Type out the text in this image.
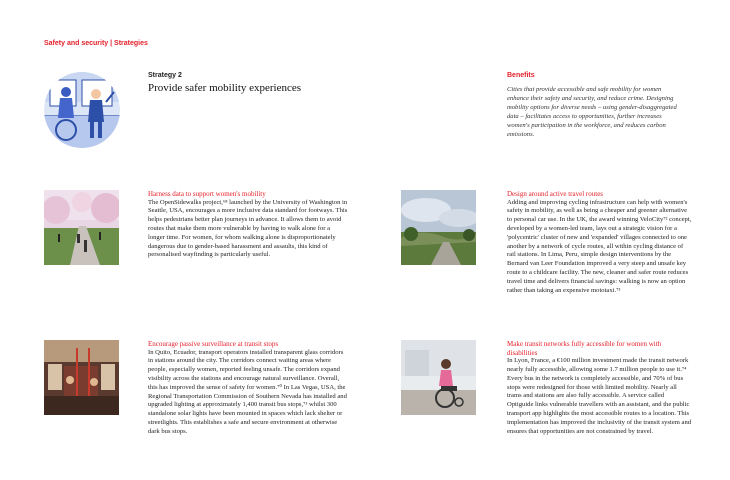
Safety and security | Strategies
Strategy 2
Provide safer mobility experiences
Benefits
Cities that provide accessible and safe mobility for women enhance their safety and security, and reduce crime. Designing mobility options for diverse needs – using gender-disaggregated data – facilitates access to opportunities, further increases women's participation in the workforce, and reduces carbon emissions.
Harness data to support women's mobility
The OpenSidewalks project,⁶⁸ launched by the University of Washington in Seattle, USA, encourages a more inclusive data standard for footways. This helps pedestrians better plan journeys in advance. It allows them to avoid routes that make them more vulnerable by having to walk alone for a longer time. For women, for whom walking alone is disproportionately dangerous due to gender-based harassment and assaults, this kind of personalised wayfinding is particularly useful.
Design around active travel routes
Adding and improving cycling infrastructure can help with women's safety in mobility, as well as being a cheaper and greener alternative to personal car use. In the UK, the award winning VeloCity⁷² concept, developed by a women-led team, lays out a strategic vision for a 'polycentric' cluster of new and 'expanded' villages connected to one another by a network of cycle routes, all within cycling distance of rail stations. In Lima, Peru, simple design interventions by the Bernard van Leer Foundation improved a very steep and unsafe key route to a childcare facility. The new, cleaner and safer route reduces travel time and delivers financial savings: walking is now an option rather than taking an expensive mototaxi.⁷³
Encourage passive surveillance at transit stops
In Quito, Ecuador, transport operators installed transparent glass corridors in stations around the city. The corridors connect waiting areas where people, especially women, reported feeling unsafe. The corridors expand visibility across the stations and encourage natural surveillance. Overall, this has improved the sense of safety for women.⁷⁰ In Las Vegas, USA, the Regional Transportation Commission of Southern Nevada has installed and upgraded lighting at approximately 1,400 transit bus stops,⁷¹ whilst 300 standalone solar lights have been mounted in spaces which lack shelter or streetlights. This establishes a safe and secure environment at otherwise dark bus stops.
Make transit networks fully accessible for women with disabilities
In Lyon, France, a €100 million investment made the transit network nearly fully accessible, allowing some 1.7 million people to use it.⁷⁴ Every bus in the network is completely accessible, and 70% of bus stops were redesigned for those with limited mobility. Nearly all trams and stations are also fully accessible. A service called Optiguide links vulnerable travellers with an assistant, and the public transport app highlights the most accessible routes to a location. This implementation has improved the inclusivity of the transit system and ensures that opportunities are not constrained by travel.
